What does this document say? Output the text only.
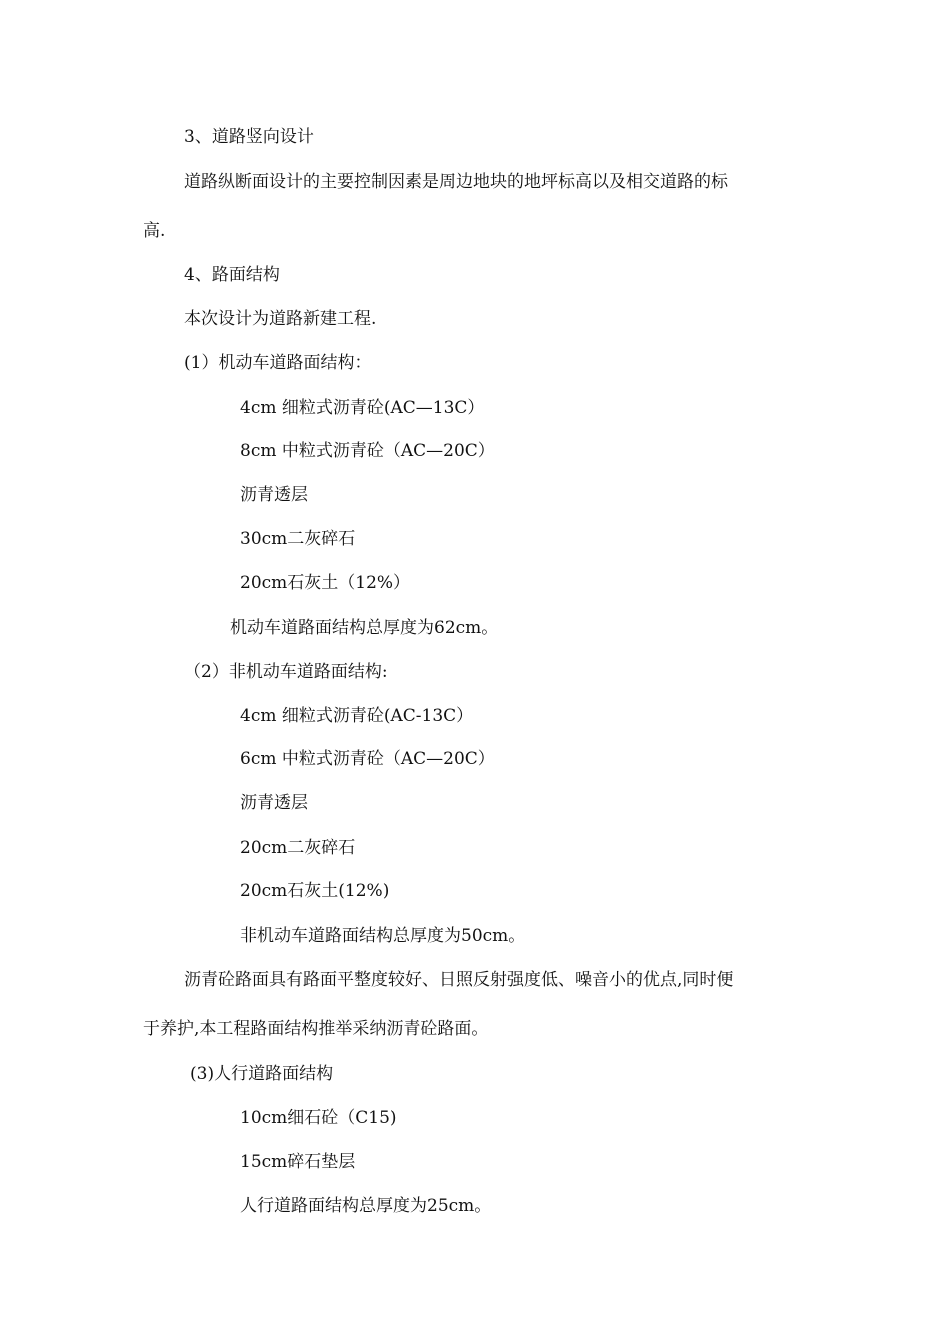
3、道路竖向设计
道路纵断面设计的主要控制因素是周边地块的地坪标高以及相交道路的标
高.
4、路面结构
本次设计为道路新建工程.
(1）机动车道路面结构：
4cm 细粒式沥青砼(AC—13C）
8cm 中粒式沥青砼（AC—20C）
沥青透层
30cm二灰碎石
20cm石灰土（12%）
机动车道路面结构总厚度为62cm。
（2）非机动车道路面结构:
4cm 细粒式沥青砼(AC-13C）
6cm 中粒式沥青砼（AC—20C）
沥青透层
20cm二灰碎石
20cm石灰土(12%)
非机动车道路面结构总厚度为50cm。
沥青砼路面具有路面平整度较好、日照反射强度低、噪音小的优点,同时便
于养护,本工程路面结构推举采纳沥青砼路面。
(3)人行道路面结构
10cm细石砼（C15)
15cm碎石垫层
人行道路面结构总厚度为25cm。
